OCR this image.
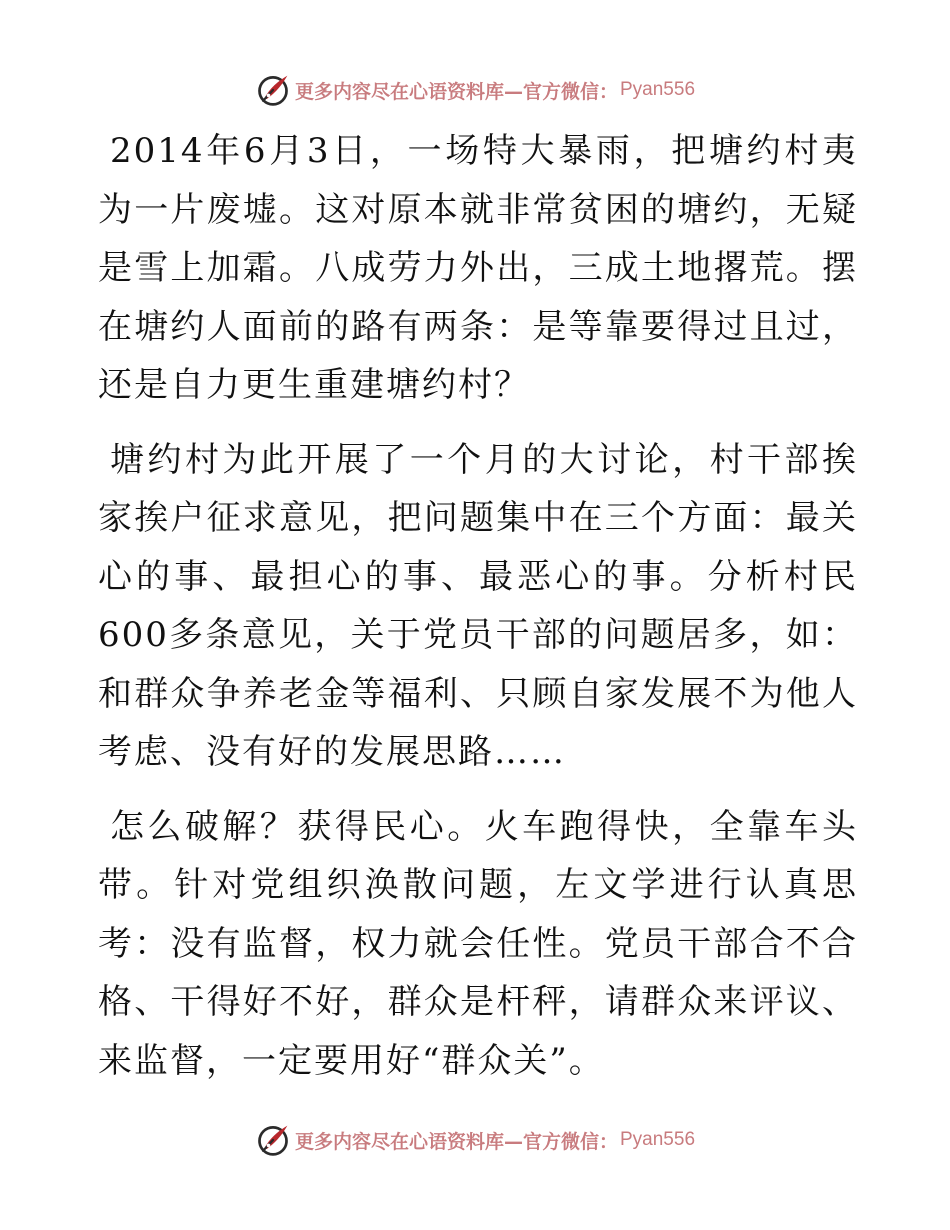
更多内容尽在心语资料库—官方微信： Pyan556

2014年6月3日，一场特大暴雨，把塘约村夷为一片废墟。这对原本就非常贫困的塘约，无疑是雪上加霜。八成劳力外出，三成土地撂荒。摆在塘约人面前的路有两条：是等靠要得过且过，还是自力更生重建塘约村？

塘约村为此开展了一个月的大讨论，村干部挨家挨户征求意见，把问题集中在三个方面：最关心的事、最担心的事、最恶心的事。分析村民600多条意见，关于党员干部的问题居多，如：和群众争养老金等福利、只顾自家发展不为他人考虑、没有好的发展思路……

怎么破解？获得民心。火车跑得快，全靠车头带。针对党组织涣散问题，左文学进行认真思考：没有监督，权力就会任性。党员干部合不合格、干得好不好，群众是杆秤，请群众来评议、来监督，一定要用好“群众关”。

更多内容尽在心语资料库—官方微信： Pyan556
